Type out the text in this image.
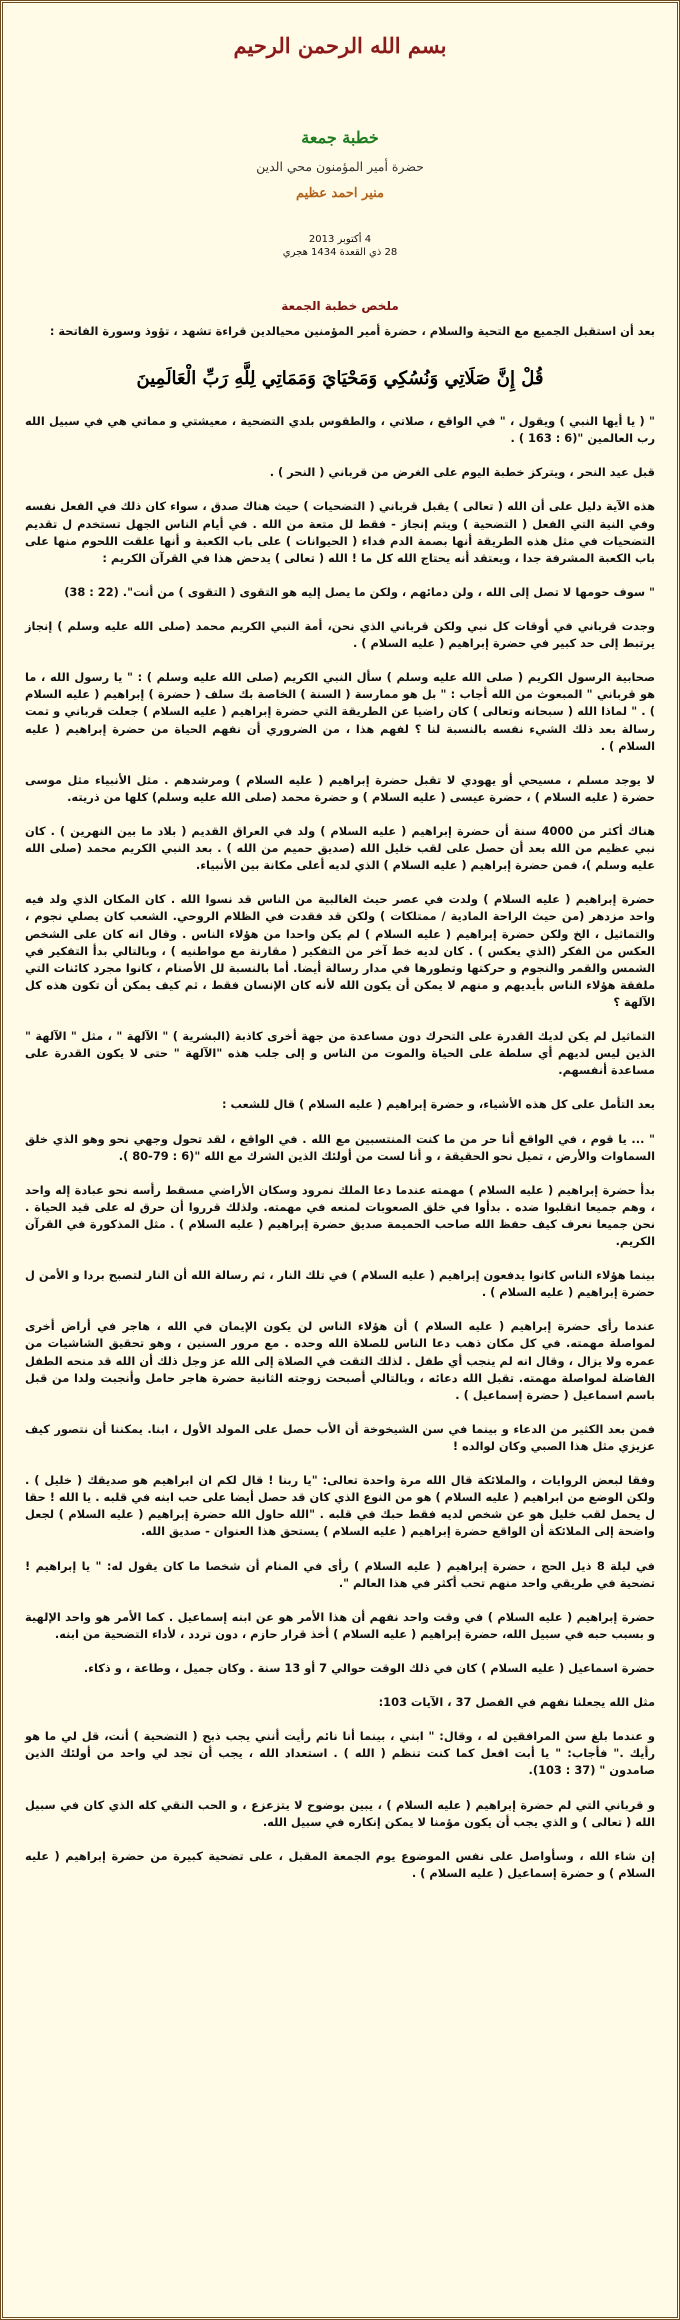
بسم الله الرحمن الرحيم
خطبة جمعة
حضرة أمير المؤمنون محي الدين
منير احمد عظيم
4 أكتوبر 2013
28 ذي القعدة 1434 هجري
ملخص خطبة الجمعة

بعد أن استقبل الجميع مع التحية والسلام ، حضرة أمير المؤمنين محيالدين قراءة تشهد ، تؤوذ وسورة الفاتحة :

قُلْ إِنَّ صَلَاتِي وَنُسُكِي وَمَحْيَايَ وَمَمَاتِي لِلَّهِ رَبِّ الْعَالَمِينَ

" ( يا أيها النبي ) ويقول ، " في الواقع ، صلاتي ، والطقوس بلدي التضحية ، معيشتي و مماتي هي في سبيل الله رب العالمين "(6 : 163 ) .

قبل عيد النحر ، ويتركز خطبة اليوم على الغرض من قرباني ( النحر ) .

هذه الآية دليل على أن الله ( تعالى ) يقبل قرباني ( التضحيات ) حيث هناك صدق ، سواء كان ذلك في الفعل نفسه وفي النية التي الفعل ( التضحية ) ويتم إنجاز - فقط لل متعة من الله . في أيام الناس الجهل تستخدم ل تقديم التضحيات في مثل هذه الطريقة أنها بصمة الدم فداء ( الحيوانات ) على باب الكعبة و أنها علقت اللحوم منها على باب الكعبة المشرفة جدا ، ويعتقد أنه يحتاج الله كل ما ! الله ( تعالى ) يدحض هذا في القرآن الكريم :

" سوف حومها لا تصل إلى الله ، ولن دمائهم ، ولكن ما يصل إليه هو التقوى ( التقوى ) من أنت". (22 : 38)

وجدت قرباني في أوقات كل نبي ولكن قرباني الذي نحن، أمة النبي الكريم محمد (صلى الله عليه وسلم ) إنجاز يرتبط إلى حد كبير في حضرة إبراهيم ( عليه السلام ) .

صحابية الرسول الكريم ( صلى الله عليه وسلم ) سأل النبي الكريم (صلى الله عليه وسلم ) : " يا رسول الله ، ما هو قرباني " المبعوث من الله أجاب : " بل هو ممارسة ( السنة ) الخاصة بك سلف ( حضرة ) إبراهيم ( عليه السلام ) . " لماذا الله ( سبحانه وتعالى ) كان راضيا عن الطريقة التي حضرة إبراهيم ( عليه السلام ) جعلت قرباني و تمت رسالة بعد ذلك الشيء نفسه بالنسبة لنا ؟ لفهم هذا ، من الضروري أن نفهم الحياة من حضرة إبراهيم ( عليه السلام ) .

لا يوجد مسلم ، مسيحي أو يهودي لا تقبل حضرة إبراهيم ( عليه السلام ) ومرشدهم . مثل الأنبياء مثل موسى حضرة ( عليه السلام ) ، حضرة عيسى ( عليه السلام ) و حضرة محمد (صلى الله عليه وسلم) كلها من ذريته.

هناك أكثر من 4000 سنة أن حضرة إبراهيم ( عليه السلام ) ولد في العراق القديم ( بلاد ما بين النهرين ) . كان نبي عظيم من الله بعد أن حصل على لقب خليل الله (صديق حميم من الله ) . بعد النبي الكريم محمد (صلى الله عليه وسلم )، فمن حضرة إبراهيم ( عليه السلام ) الذي لديه أعلى مكانة بين الأنبياء.

حضرة إبراهيم ( عليه السلام ) ولدت في عصر حيث الغالبية من الناس قد نسوا الله . كان المكان الذي ولد فيه واحد مزدهر (من حيث الراحة المادية / ممتلكات ) ولكن قد فقدت في الظلام الروحي. الشعب كان يصلي نجوم ، والتماثيل ، الخ ولكن حضرة إبراهيم ( عليه السلام ) لم يكن واحدا من هؤلاء الناس . وقال انه كان على الشخص العكس من الفكر (الذي يعكس ) . كان لديه خط آخر من التفكير ( مقارنة مع مواطنيه ) ، وبالتالي بدأ التفكير في الشمس والقمر والنجوم و حركتها وتطورها في مدار رسالة أيضا. أما بالنسبة لل الأصنام ، كانوا مجرد كائنات التي ملفقة هؤلاء الناس بأيديهم و منهم لا يمكن أن يكون الله لأنه كان الإنسان فقط ، ثم كيف يمكن أن تكون هذه كل الآلهة ؟

التماثيل لم يكن لديك القدرة على التحرك دون مساعدة من جهة أخرى كاذبة (البشرية ) " الآلهة " ، مثل " الآلهة " الذين ليس لديهم أي سلطة على الحياة والموت من الناس و إلى جلب هذه "الآلهة " حتى لا يكون القدرة على مساعدة أنفسهم.

بعد التأمل على كل هذه الأشياء، و حضرة إبراهيم ( عليه السلام ) قال للشعب :

" ... يا قوم ، في الواقع أنا حر من ما كنت المنتسبين مع الله . في الواقع ، لقد تحول وجهي نحو وهو الذي خلق السماوات والأرض ، تميل نحو الحقيقة ، و أنا لست من أولئك الذين الشرك مع الله "(6 : 79-80 ).

بدأ حضرة إبراهيم ( عليه السلام ) مهمته عندما دعا الملك نمرود وسكان الأراضي مسقط رأسه نحو عبادة إله واحد ، وهم جميعا انقلبوا ضده . بدأوا في خلق الصعوبات لمنعه في مهمته. ولذلك قرروا أن حرق له على قيد الحياة . نحن جميعا نعرف كيف حفظ الله صاحب الحميمة صديق حضرة إبراهيم ( عليه السلام ) . مثل المذكورة في القرآن الكريم.

بينما هؤلاء الناس كانوا يدفعون إبراهيم ( عليه السلام ) في تلك النار ، ثم رسالة الله أن النار لتصبح بردا و الأمن ل حضرة إبراهيم ( عليه السلام ) .

عندما رأى حضرة إبراهيم ( عليه السلام ) أن هؤلاء الناس لن يكون الإيمان في الله ، هاجر في أراض أخرى لمواصلة مهمته. في كل مكان ذهب دعا الناس للصلاة الله وحده . مع مرور السنين ، وهو تحقيق الشاشيات من عمره ولا يزال ، وقال انه لم ينجب أي طفل . لذلك التقت في الصلاة إلى الله عز وجل ذلك أن الله قد منحه الطفل الفاضلة لمواصلة مهمته. تقبل الله دعائه ، وبالتالي أصبحت زوجته الثانية حضرة هاجر حامل وأنجبت ولدا من قبل باسم اسماعيل ( حضرة إسماعيل ) .

فمن بعد الكثير من الدعاء و بينما في سن الشيخوخة أن الأب حصل على المولد الأول ، ابنا. يمكننا أن نتصور كيف عزيزي مثل هذا الصبي وكان لوالده !

وفقا لبعض الروايات ، والملائكة قال الله مرة واحدة تعالى: "يا ربنا ! قال لكم ان ابراهيم هو صديقك ( خليل ) . ولكن الوضع من ابراهيم ( عليه السلام ) هو من النوع الذي كان قد حصل أيضا على حب ابنه في قلبه . يا الله ! حقا ل يحمل لقب خليل هو عن شخص لديه فقط حبك في قلبه . "الله حاول الله حضرة إبراهيم ( عليه السلام ) لجعل واضحة إلى الملائكة أن الواقع حضرة إبراهيم ( عليه السلام ) يستحق هذا العنوان - صديق الله.

في ليلة 8 ذيل الحج ، حضرة إبراهيم ( عليه السلام ) رأى في المنام أن شخصا ما كان يقول له: " يا إبراهيم ! تضحية في طريقي واحد منهم تحب أكثر في هذا العالم ".

حضرة إبراهيم ( عليه السلام ) في وقت واحد نفهم أن هذا الأمر هو عن ابنه إسماعيل . كما الأمر هو واحد الإلهية و بسبب حبه في سبيل الله، حضرة إبراهيم ( عليه السلام ) أخذ قرار حازم ، دون تردد ، لأداء التضحية من ابنه.

حضرة اسماعيل ( عليه السلام ) كان في ذلك الوقت حوالي 7 أو 13 سنة . وكان جميل ، وطاعة ، و ذكاء.

مثل الله يجعلنا نفهم في الفصل 37 ، الآيات 103:

و عندما بلغ سن المرافقين له ، وقال: " ابني ، بينما أنا نائم رأيت أنني يجب ذبح ( التضحية ) أنت، قل لي ما هو رأيك ." فأجاب: " يا أبت افعل كما كنت تنظم ( الله ) . استعداد الله ، يجب أن تجد لي واحد من أولئك الذين صامدون " (37 : 103).

و قرباني التي لم حضرة إبراهيم ( عليه السلام ) ، يبين بوضوح لا يتزعزع ، و الحب النقي كله الذي كان في سبيل الله ( تعالى ) و الذي يجب أن يكون مؤمنا لا يمكن إنكاره في سبيل الله.

إن شاء الله ، وسأواصل على نفس الموضوع يوم الجمعة المقبل ، على تضحية كبيرة من حضرة إبراهيم ( عليه السلام ) و حضرة إسماعيل ( عليه السلام ) .
